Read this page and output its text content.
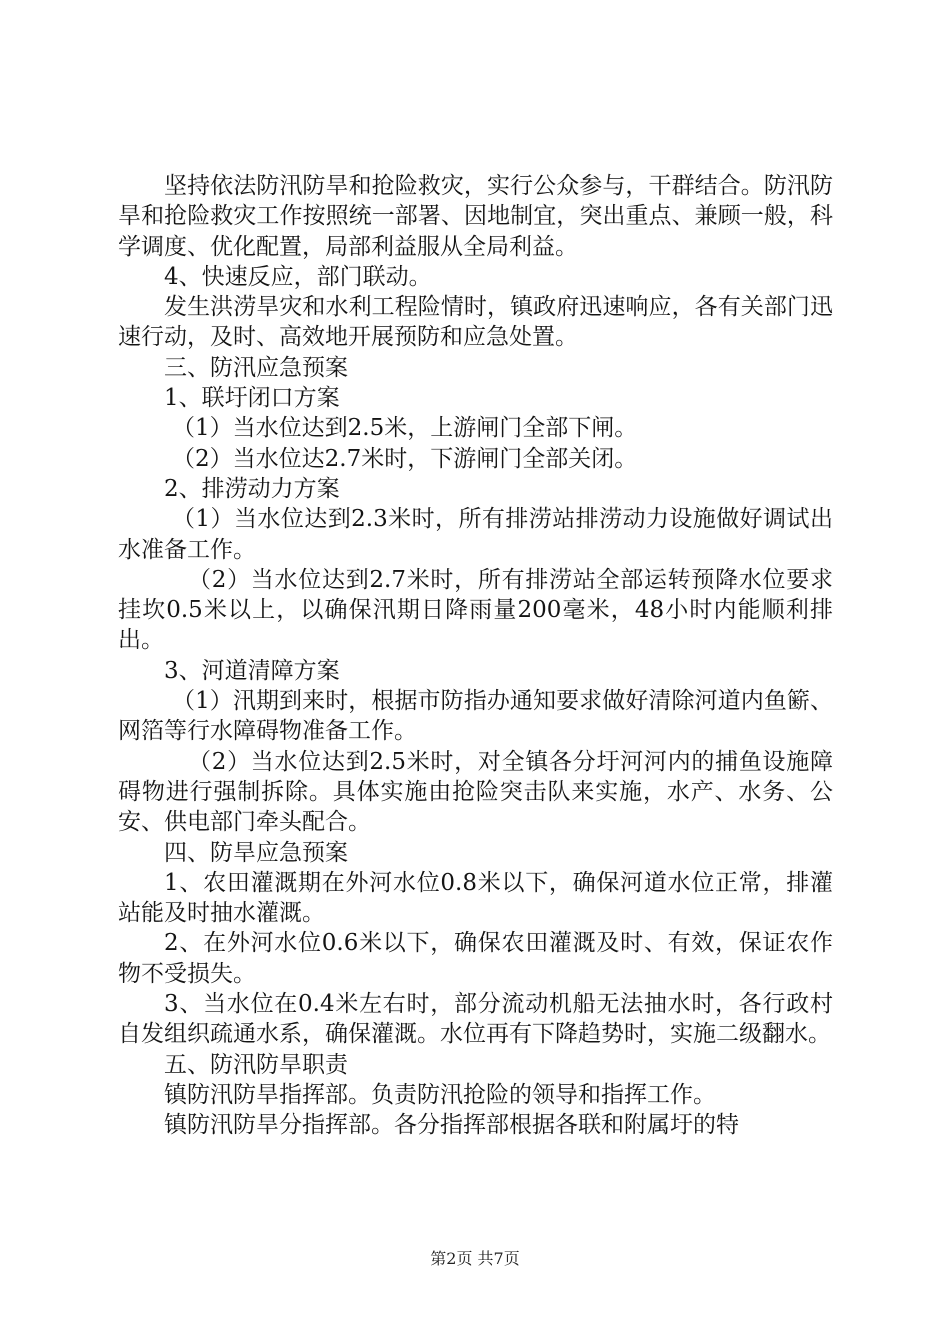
坚持依法防汛防旱和抢险救灾，实行公众参与，干群结合。防汛防旱和抢险救灾工作按照统一部署、因地制宜，突出重点、兼顾一般，科学调度、优化配置，局部利益服从全局利益。

4、快速反应，部门联动。

发生洪涝旱灾和水利工程险情时，镇政府迅速响应，各有关部门迅速行动，及时、高效地开展预防和应急处置。

三、防汛应急预案

1、联圩闭口方案

（1）当水位达到2.5米，上游闸门全部下闸。

（2）当水位达2.7米时，下游闸门全部关闭。

2、排涝动力方案

（1）当水位达到2.3米时，所有排涝站排涝动力设施做好调试出水准备工作。

（2）当水位达到2.7米时，所有排涝站全部运转预降水位要求挂坎0.5米以上，以确保汛期日降雨量200毫米，48小时内能顺利排出。

3、河道清障方案

（1）汛期到来时，根据市防指办通知要求做好清除河道内鱼簖、网箔等行水障碍物准备工作。

（2）当水位达到2.5米时，对全镇各分圩河河内的捕鱼设施障碍物进行强制拆除。具体实施由抢险突击队来实施，水产、水务、公安、供电部门牵头配合。

四、防旱应急预案

1、农田灌溉期在外河水位0.8米以下，确保河道水位正常，排灌站能及时抽水灌溉。

2、在外河水位0.6米以下，确保农田灌溉及时、有效，保证农作物不受损失。

3、当水位在0.4米左右时，部分流动机船无法抽水时，各行政村自发组织疏通水系，确保灌溉。水位再有下降趋势时，实施二级翻水。

五、防汛防旱职责

镇防汛防旱指挥部。负责防汛抢险的领导和指挥工作。

镇防汛防旱分指挥部。各分指挥部根据各联和附属圩的特

第2页 共7页
